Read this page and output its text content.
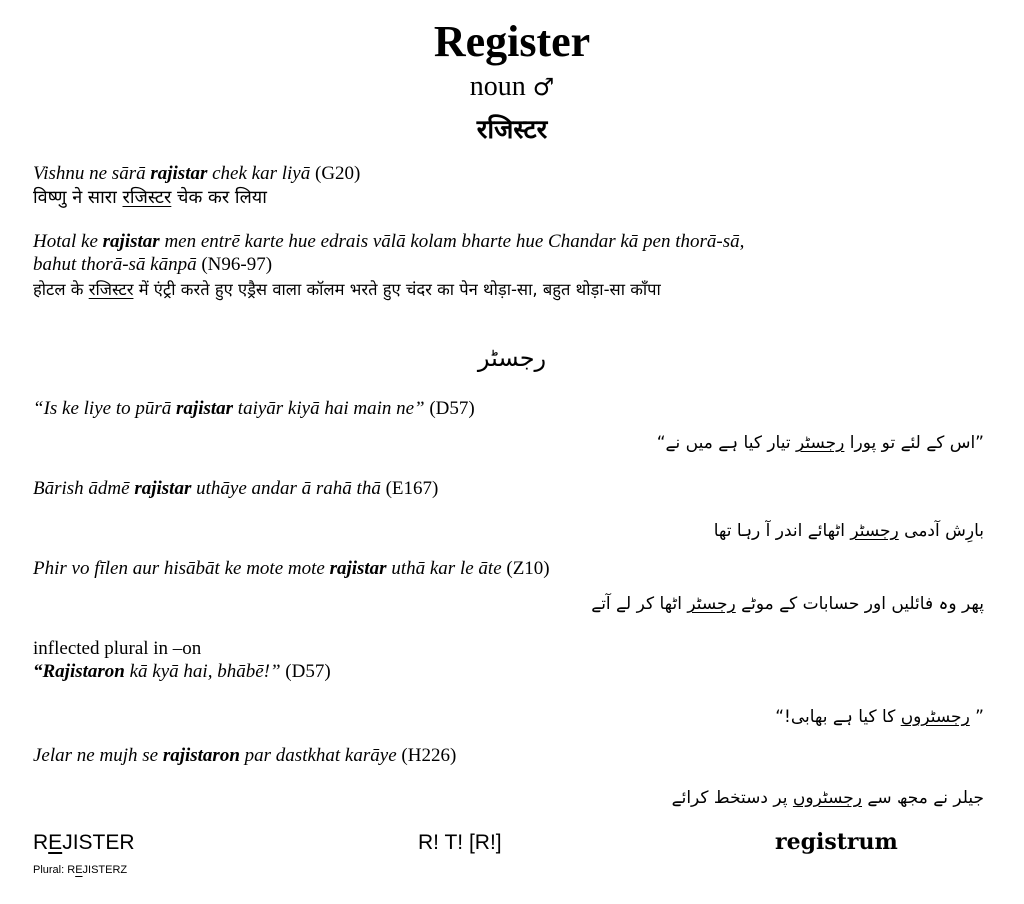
Register
noun ♂
रजिस्टर
Vishnu ne sārā rajistar chek kar liyā (G20)
विष्णु ने सारा रजिस्टर चेक कर लिया
Hotal ke rajistar men entrē karte hue edrais vālā kolam bharte hue Chandar kā pen thorā-sā,
bahut thorā-sā kānpā (N96-97)
होटल के रजिस्टर में एंट्री करते हुए एड्रैस वाला कॉलम भरते हुए चंदर का पेन थोड़ा-सा, बहुत थोड़ा-सा काँपा
رجسٹر
“Is ke liye to pūrā rajistar taiyār kiyā hai main ne” (D57)
”اس کے لئے تو پورا رجسٹر تیار کیا ہے میں نے“
Bārish ādmē rajistar uthāye andar ā rahā thā (E167)
بارِش آدمی رجسٹر اٹھائے اندر آ رہا تھا
Phir vo fīlen aur hisābāt ke mote mote rajistar uthā kar le āte (Z10)
پھر وہ فائلیں اور حسابات کے موٹے رجسٹر اٹھا کر لے آتے
inflected plural in –on
“Rajistaron kā kyā hai, bhābē!” (D57)
” رجسٹروں کا کیا ہے بھابی!“
Jelar ne mujh se rajistaron par dastkhat karāye (H226)
جیلر نے مجھ سے رجسٹروں پر دستخط کرائے
REJISTER
Plural: REJISTERZ
R! T! [R!]	registrum
